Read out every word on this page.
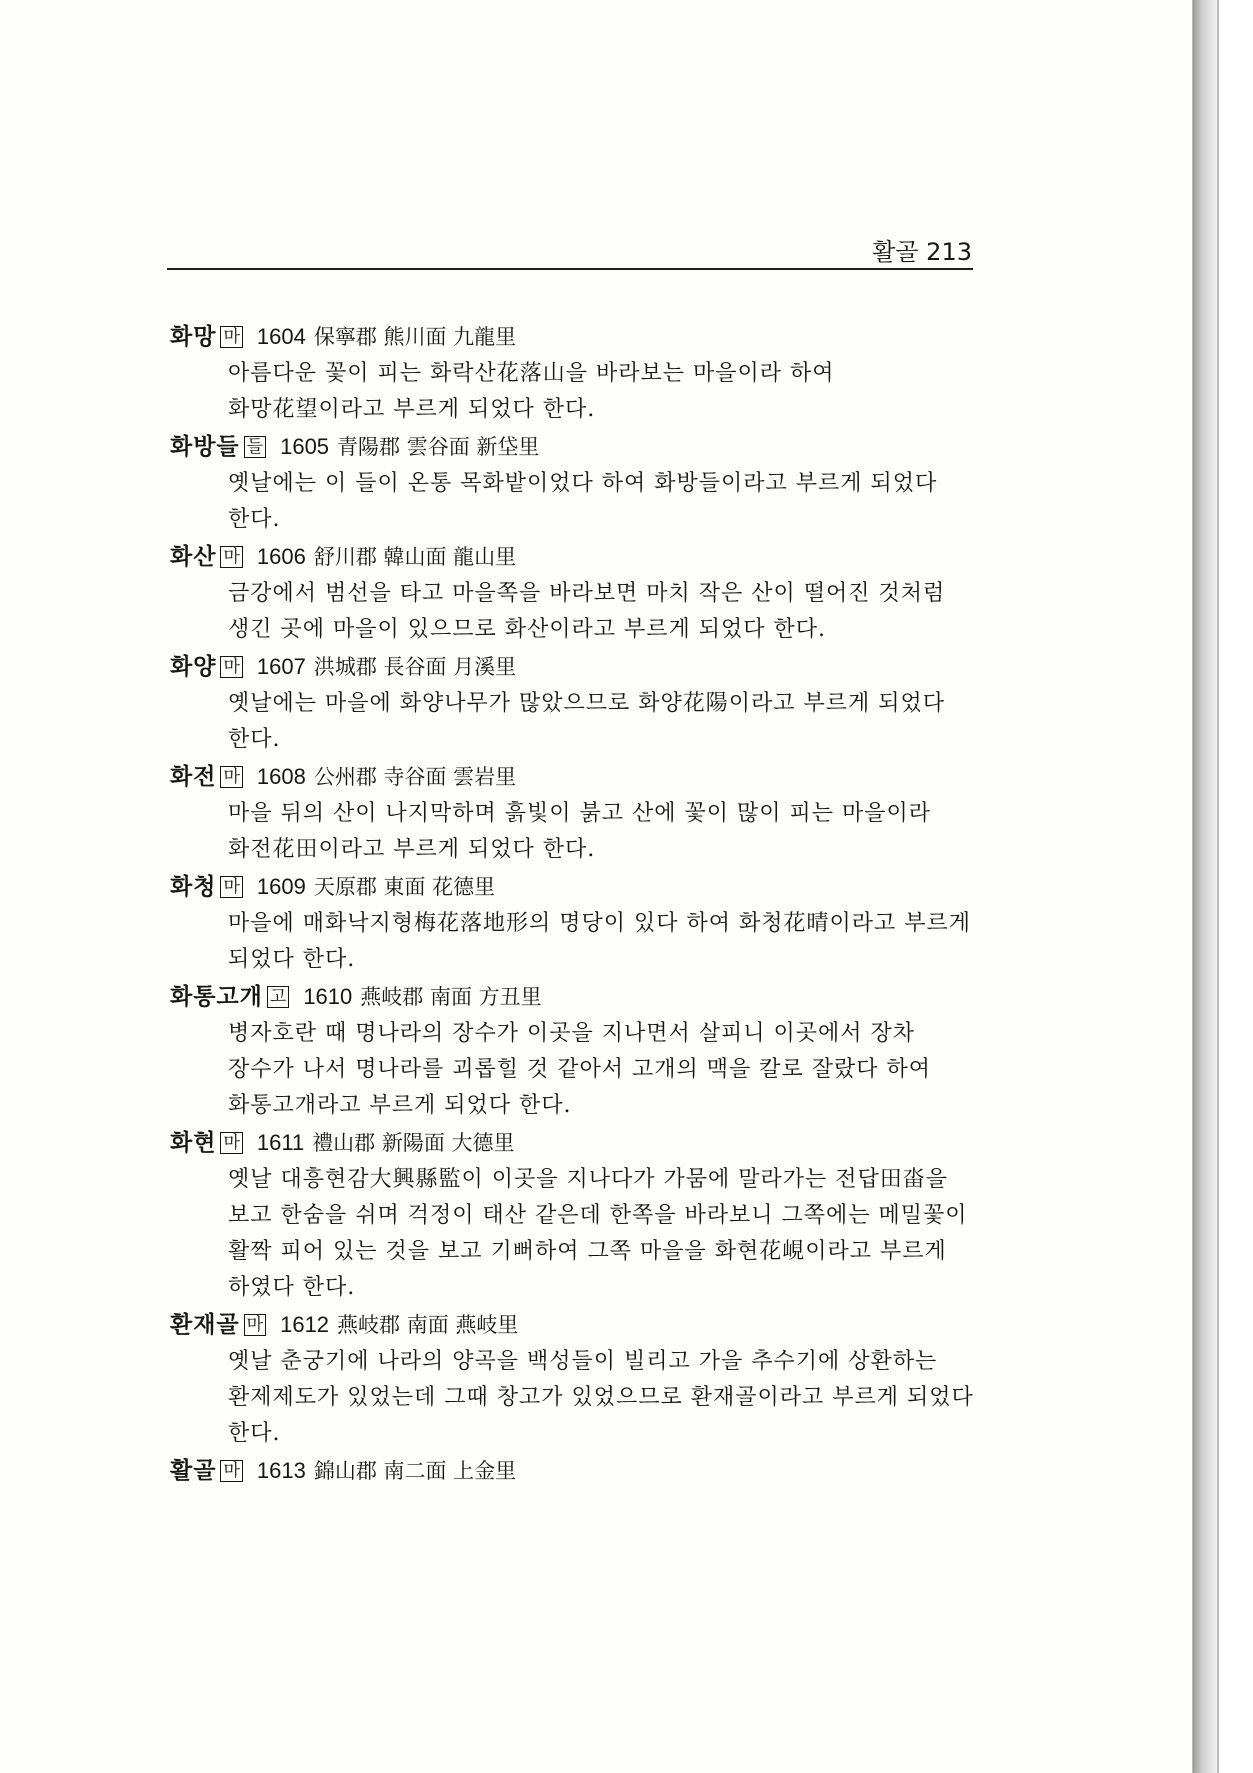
활골 213
화망 마 1604 保寧郡 熊川面 九龍里

아름다운 꽃이 피는 화락산花落山을 바라보는 마을이라 하여 화망花望이라고 부르게 되었다 한다.

화방들 들 1605 青陽郡 雲谷面 新垈里

옛날에는 이 들이 온통 목화밭이었다 하여 화방들이라고 부르게 되었다 한다.

화산 마 1606 舒川郡 韓山面 龍山里

금강에서 범선을 타고 마을쪽을 바라보면 마치 작은 산이 떨어진 것처럼 생긴 곳에 마을이 있으므로 화산이라고 부르게 되었다 한다.

화양 마 1607 洪城郡 長谷面 月溪里

옛날에는 마을에 화양나무가 많았으므로 화양花陽이라고 부르게 되었다 한다.

화전 마 1608 公州郡 寺谷面 雲岩里

마을 뒤의 산이 나지막하며 흙빛이 붉고 산에 꽃이 많이 피는 마을이라 화전花田이라고 부르게 되었다 한다.

화청 마 1609 天原郡 東面 花德里

마을에 매화낙지형梅花落地形의 명당이 있다 하여 화청花晴이라고 부르게 되었다 한다.

화통고개 고 1610 燕岐郡 南面 方丑里

병자호란 때 명나라의 장수가 이곳을 지나면서 살피니 이곳에서 장차 장수가 나서 명나라를 괴롭힐 것 같아서 고개의 맥을 칼로 잘랐다 하여 화통고개라고 부르게 되었다 한다.

화현 마 1611 禮山郡 新陽面 大德里

옛날 대흥현감大興縣監이 이곳을 지나다가 가뭄에 말라가는 전답田畓을 보고 한숨을 쉬며 걱정이 태산 같은데 한쪽을 바라보니 그쪽에는 메밀꽃이 활짝 피어 있는 것을 보고 기뻐하여 그쪽 마을을 화현花峴이라고 부르게 하였다 한다.

환재골 마 1612 燕岐郡 南面 燕岐里

옛날 춘궁기에 나라의 양곡을 백성들이 빌리고 가을 추수기에 상환하는 환제제도가 있었는데 그때 창고가 있었으므로 환재골이라고 부르게 되었다 한다.

활골 마 1613 錦山郡 南二面 上金里
